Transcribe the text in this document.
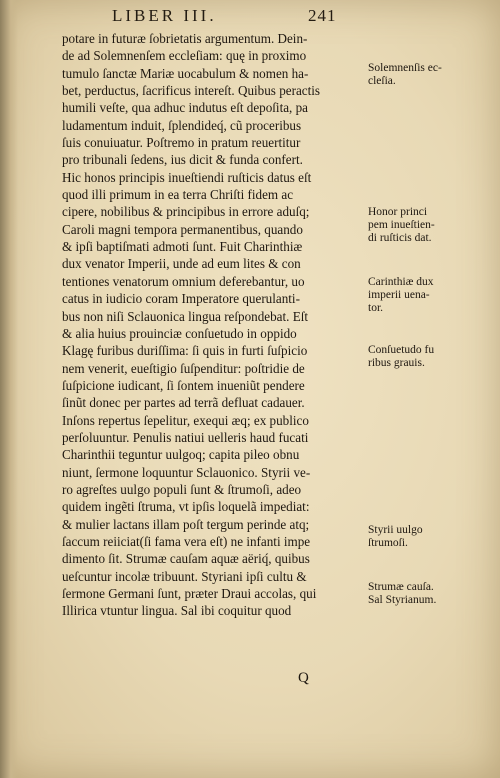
LIBER III.	241
potare in futuræ ſobrietatis argumentum. Dein-
de ad Solemnenſem eccleſiam: quę in proximo
tumulo ſanctæ Mariæ uocabulum & nomen ha-
bet, perductus, ſacrificus intereſt. Quibus peractis
humili veſte, qua adhuc indutus eſt depoſita, pa
ludamentum induit, ſplendideq́, cũ proceribus
ſuis conuiuatur. Poſtremo in pratum reuertitur
pro tribunali ſedens, ius dicit & funda confert.
Hic honos principis inueſtiendi ruſticis datus eſt
quod illi primum in ea terra Chriſti fidem ac
cipere, nobilibus & principibus in errore aduſq;
Caroli magni tempora permanentibus, quando
& ipſi baptiſmati admoti ſunt. Fuit Charinthiæ
dux venator Imperii, unde ad eum lites & con
tentiones venatorum omnium deferebantur, uo
catus in iudicio coram Imperatore querulanti-
bus non niſi Sclauonica lingua reſpondebat. Eſt
& alia huius prouinciæ conſuetudo in oppido
Klagę furibus duriſſima: ſi quis in furti ſuſpicio
nem venerit, eueſtigio ſuſpenditur: poſtridie de
ſuſpicione iudicant, ſi ſontem inueniũt pendere
ſinũt donec per partes ad terrã defluat cadauer.
Inſons repertus ſepelitur, exequi æq; ex publico
perſoluuntur. Penulis natiui uelleris haud fucati
Charinthii teguntur uulgoq; capita pileo obnu
niunt, ſermone loquuntur Sclauonico. Styrii ve-
ro agreſtes uulgo populi ſunt & ſtrumoſi, adeo
quidem ingẽti ſtruma, vt ipſis loquelã impediat:
& mulier lactans illam poſt tergum perinde atq;
ſaccum reiiciat(ſi fama vera eſt) ne infanti impe
dimento ſit. Strumæ cauſam aquæ aëriq́, quibus
ueſcuntur incolæ tribuunt. Styriani ipſi cultu &
ſermone Germani ſunt, præter Draui accolas, qui
Illirica vtuntur lingua. Sal ibi coquitur quod
Solemnenſis ec-
cleſia.
Honor princi
pem inueſtien-
di ruſticis dat.
Carinthiæ dux
imperii uena-
tor.
Conſuetudo fu
ribus grauis.
Styrii uulgo
ſtrumoſi.
Strumæ cauſa.
Sal Styrianum.
Q
